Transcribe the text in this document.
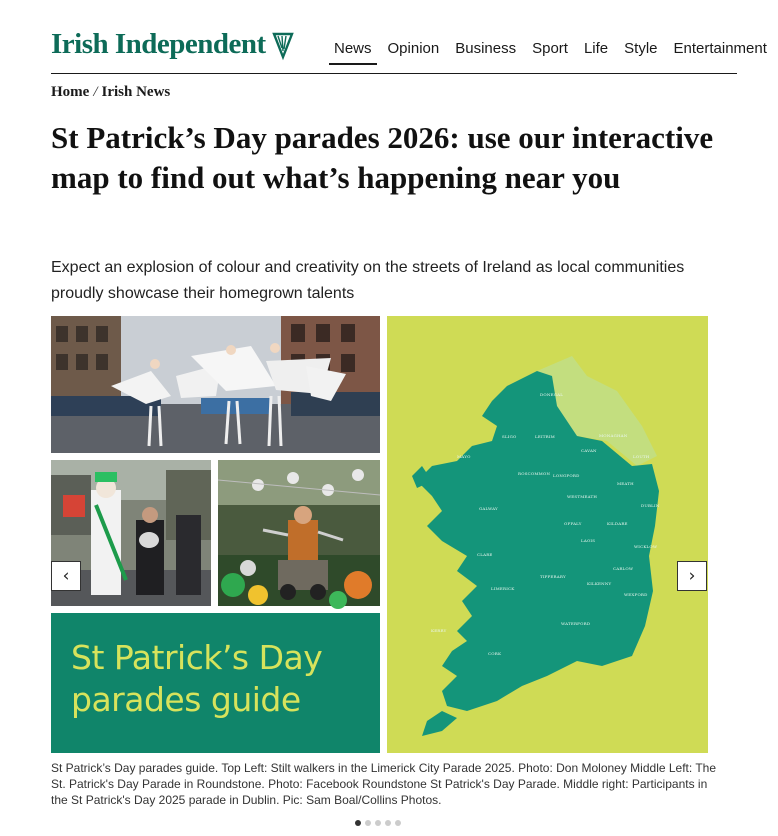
Irish Independent	News	Opinion	Business	Sport	Life	Style	Entertainment
Home / Irish News
St Patrick’s Day parades 2026: use our interactive map to find out what’s happening near you

Expect an explosion of colour and creativity on the streets of Ireland as local communities proudly showcase their homegrown talents

St Patrick’s Day
parades guide
DONEGAL
SLIGO	LEITRIM	MONAGHAN
CAVAN
LOUTH
MAYO
ROSCOMMON LONGFORD
MEATH
WESTMEATH
DUBLIN
GALWAY
OFFALY	KILDARE
LAOIS
WICKLOW
CLARE
TIPPERARY
CARLOW
KILKENNY
LIMERICK
WEXFORD
WATERFORD
KERRY
CORK
‹	›

St Patrick’s Day parades guide. Top Left: Stilt walkers in the Limerick City Parade 2025. Photo: Don Moloney Middle Left: The St. Patrick's Day Parade in Roundstone. Photo: Facebook Roundstone St Patrick's Day Parade. Middle right: Participants in the St Patrick's Day 2025 parade in Dublin. Pic: Sam Boal/Collins Photos.
